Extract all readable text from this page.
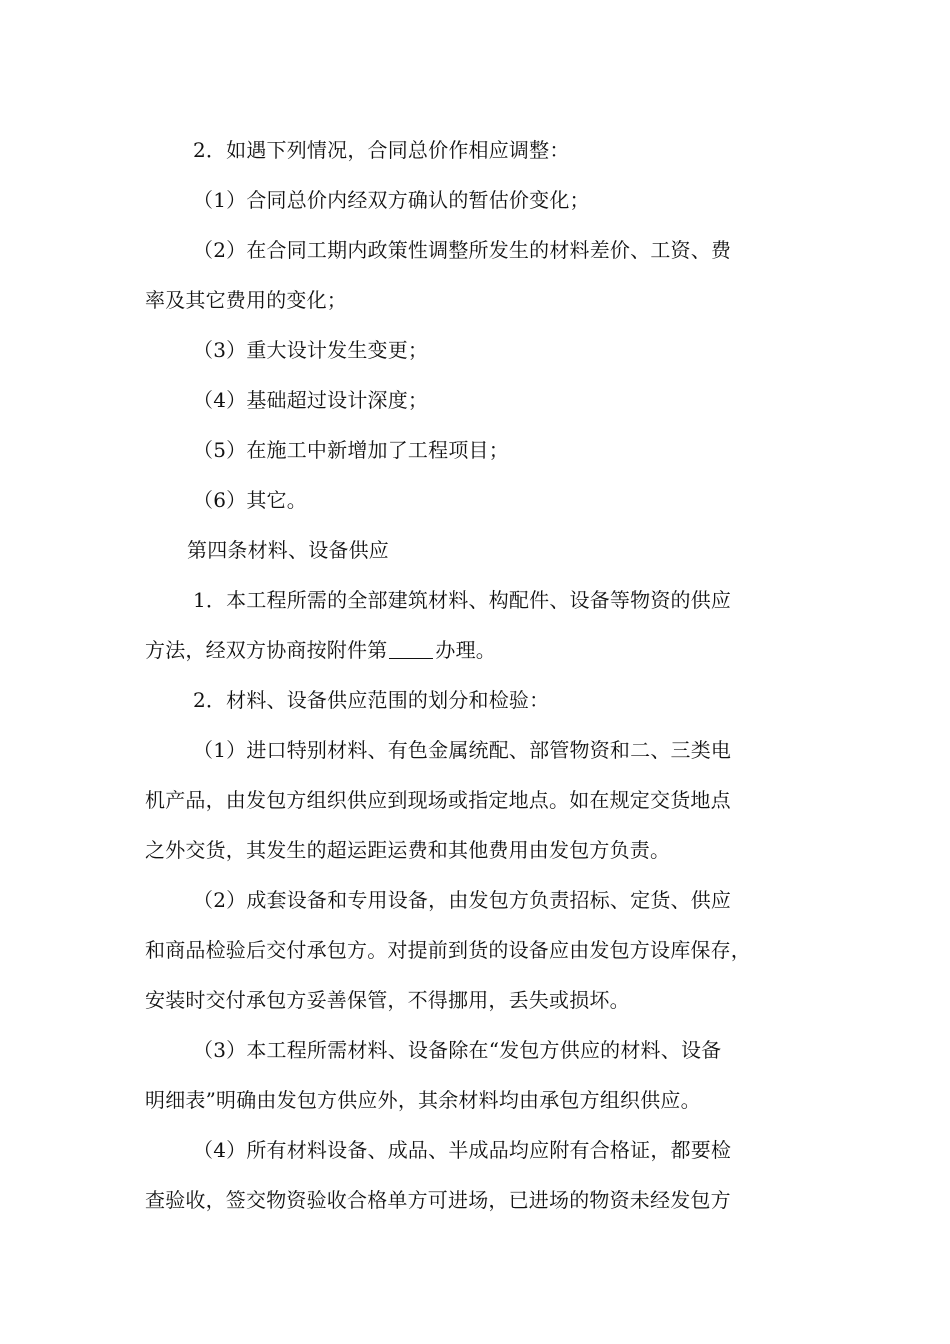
2．如遇下列情况，合同总价作相应调整：
（1）合同总价内经双方确认的暂估价变化；
（2）在合同工期内政策性调整所发生的材料差价、工资、费
率及其它费用的变化；
（3）重大设计发生变更；
（4）基础超过设计深度；
（5）在施工中新增加了工程项目；
（6）其它。
第四条材料、设备供应
1．本工程所需的全部建筑材料、构配件、设备等物资的供应
方法，经双方协商按附件第 办理。
2．材料、设备供应范围的划分和检验：
（1）进口特别材料、有色金属统配、部管物资和二、三类电
机产品，由发包方组织供应到现场或指定地点。如在规定交货地点
之外交货，其发生的超运距运费和其他费用由发包方负责。
（2）成套设备和专用设备，由发包方负责招标、定货、供应
和商品检验后交付承包方。对提前到货的设备应由发包方设库保存，
安装时交付承包方妥善保管，不得挪用，丢失或损坏。
（3）本工程所需材料、设备除在“发包方供应的材料、设备
明细表”明确由发包方供应外，其余材料均由承包方组织供应。
（4）所有材料设备、成品、半成品均应附有合格证，都要检
查验收，签交物资验收合格单方可进场，已进场的物资未经发包方
